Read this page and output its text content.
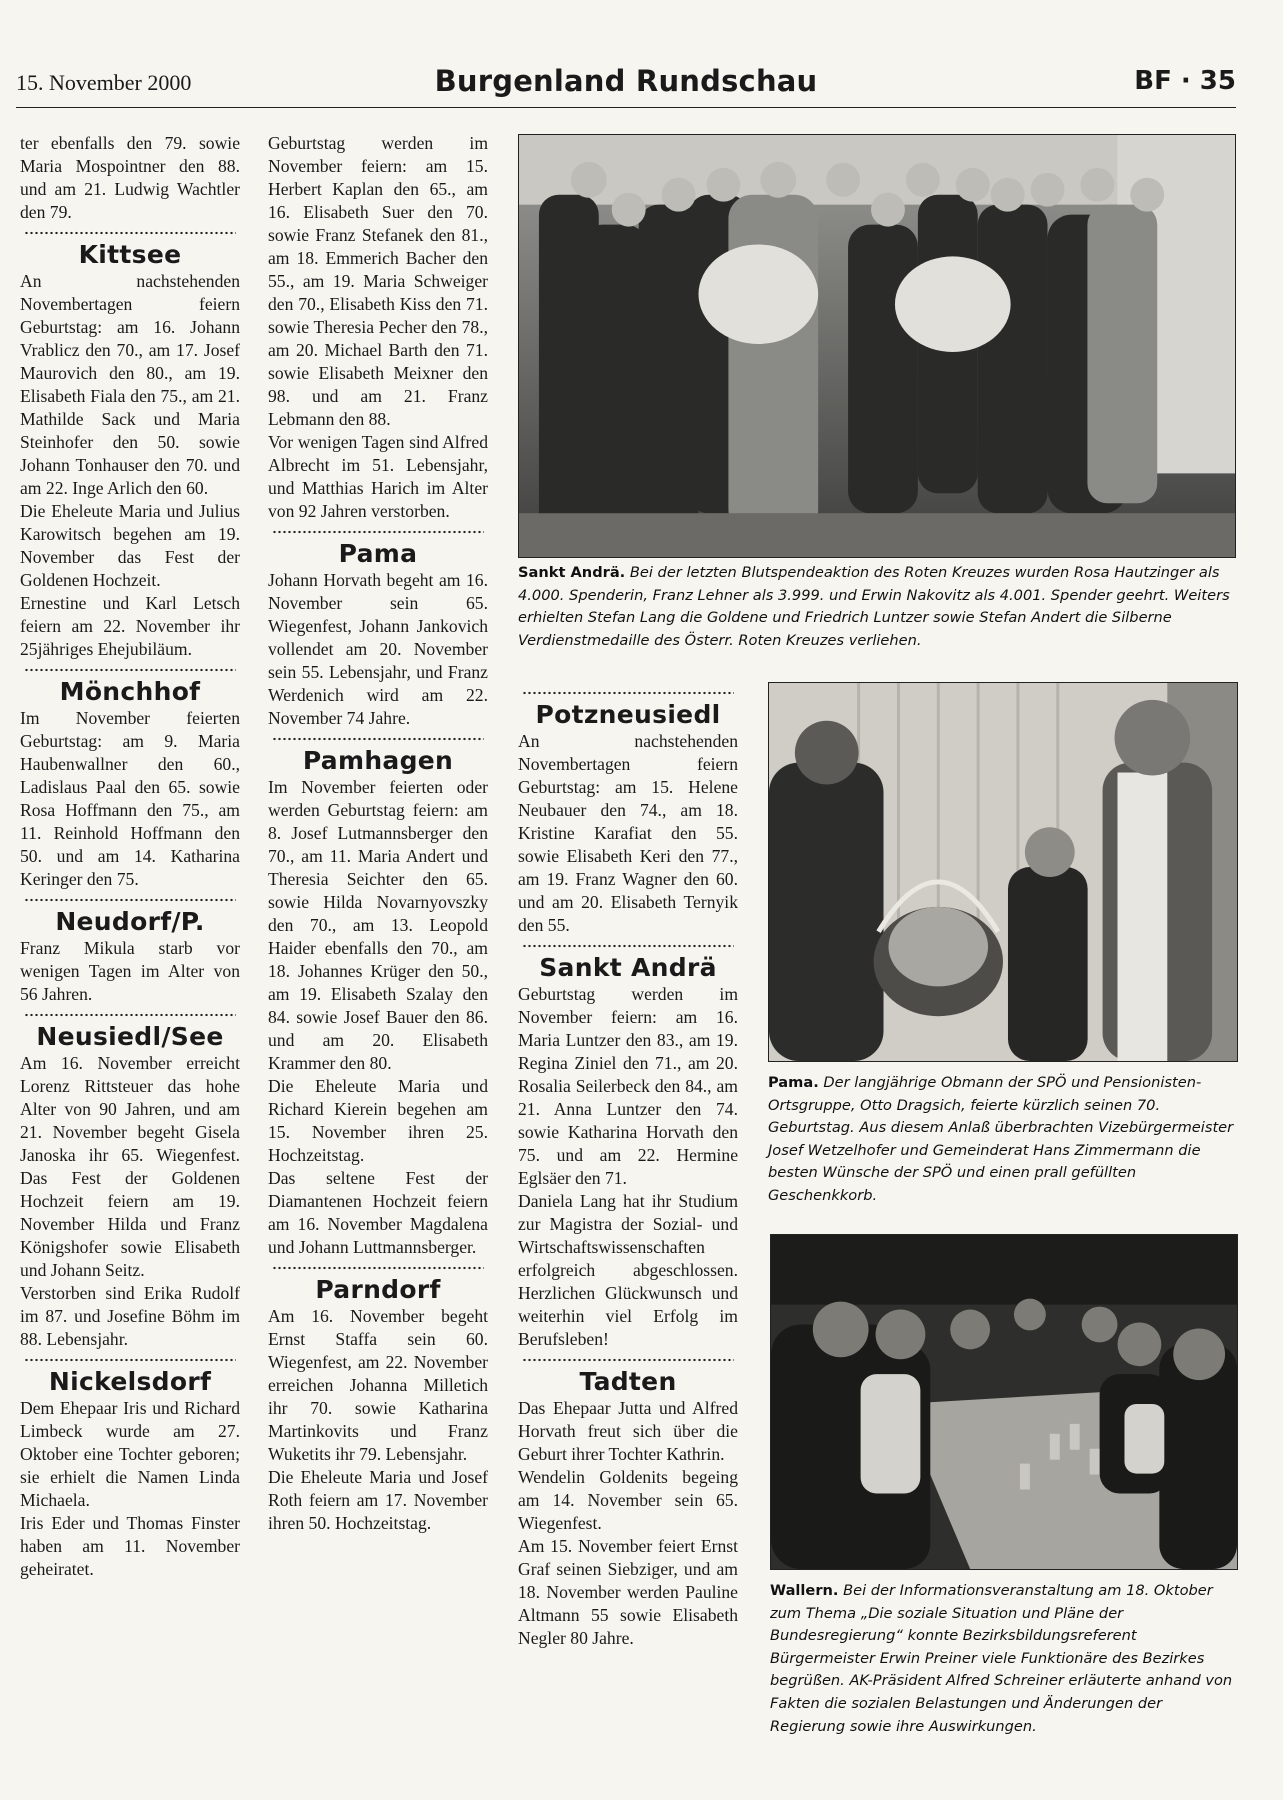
15. November 2000	Burgenland Rundschau	BF · 35

ter ebenfalls den 79. sowie Maria Mospointner den 88. und am 21. Ludwig Wachtler den 79.

Kittsee

An nachstehenden Novembertagen feiern Geburtstag: am 16. Johann Vrablicz den 70., am 17. Josef Maurovich den 80., am 19. Elisabeth Fiala den 75., am 21. Mathilde Sack und Maria Steinhofer den 50. sowie Johann Tonhauser den 70. und am 22. Inge Arlich den 60.

Die Eheleute Maria und Julius Karowitsch begehen am 19. November das Fest der Goldenen Hochzeit.

Ernestine und Karl Letsch feiern am 22. November ihr 25jähriges Ehejubiläum.

Mönchhof

Im November feierten Geburtstag: am 9. Maria Haubenwallner den 60., Ladislaus Paal den 65. sowie Rosa Hoffmann den 75., am 11. Reinhold Hoffmann den 50. und am 14. Katharina Keringer den 75.

Neudorf/P.

Franz Mikula starb vor wenigen Tagen im Alter von 56 Jahren.

Neusiedl/See

Am 16. November erreicht Lorenz Rittsteuer das hohe Alter von 90 Jahren, und am 21. November begeht Gisela Janoska ihr 65. Wiegenfest. Das Fest der Goldenen Hochzeit feiern am 19. November Hilda und Franz Königshofer sowie Elisabeth und Johann Seitz.

Verstorben sind Erika Rudolf im 87. und Josefine Böhm im 88. Lebensjahr.

Nickelsdorf

Dem Ehepaar Iris und Richard Limbeck wurde am 27. Oktober eine Tochter geboren; sie erhielt die Namen Linda Michaela.

Iris Eder und Thomas Finster haben am 11. November geheiratet.

Geburtstag werden im November feiern: am 15. Herbert Kaplan den 65., am 16. Elisabeth Suer den 70. sowie Franz Stefanek den 81., am 18. Emmerich Bacher den 55., am 19. Maria Schweiger den 70., Elisabeth Kiss den 71. sowie Theresia Pecher den 78., am 20. Michael Barth den 71. sowie Elisabeth Meixner den 98. und am 21. Franz Lebmann den 88.

Vor wenigen Tagen sind Alfred Albrecht im 51. Lebensjahr, und Matthias Harich im Alter von 92 Jahren verstorben.

Pama

Johann Horvath begeht am 16. November sein 65. Wiegenfest, Johann Jankovich vollendet am 20. November sein 55. Lebensjahr, und Franz Werdenich wird am 22. November 74 Jahre.

Pamhagen

Im November feierten oder werden Geburtstag feiern: am 8. Josef Lutmannsberger den 70., am 11. Maria Andert und Theresia Seichter den 65. sowie Hilda Novarnyovszky den 70., am 13. Leopold Haider ebenfalls den 70., am 18. Johannes Krüger den 50., am 19. Elisabeth Szalay den 84. sowie Josef Bauer den 86. und am 20. Elisabeth Krammer den 80.

Die Eheleute Maria und Richard Kierein begehen am 15. November ihren 25. Hochzeitstag.

Das seltene Fest der Diamantenen Hochzeit feiern am 16. November Magdalena und Johann Luttmannsberger.

Parndorf

Am 16. November begeht Ernst Staffa sein 60. Wiegenfest, am 22. November erreichen Johanna Milletich ihr 70. sowie Katharina Martinkovits und Franz Wuketits ihr 79. Lebensjahr.

Die Eheleute Maria und Josef Roth feiern am 17. November ihren 50. Hochzeitstag.

Sankt Andrä. Bei der letzten Blutspendeaktion des Roten Kreuzes wurden Rosa Hautzinger als 4.000. Spenderin, Franz Lehner als 3.999. und Erwin Nakovitz als 4.001. Spender geehrt. Weiters erhielten Stefan Lang die Goldene und Friedrich Luntzer sowie Stefan Andert die Silberne Verdienstmedaille des Österr. Roten Kreuzes verliehen.
Potzneusiedl

An nachstehenden Novembertagen feiern Geburtstag: am 15. Helene Neubauer den 74., am 18. Kristine Karafiat den 55. sowie Elisabeth Keri den 77., am 19. Franz Wagner den 60. und am 20. Elisabeth Ternyik den 55.

Sankt Andrä

Geburtstag werden im November feiern: am 16. Maria Luntzer den 83., am 19. Regina Ziniel den 71., am 20. Rosalia Seilerbeck den 84., am 21. Anna Luntzer den 74. sowie Katharina Horvath den 75. und am 22. Hermine Eglsäer den 71.

Daniela Lang hat ihr Studium zur Magistra der Sozial- und Wirtschaftswissenschaften erfolgreich abgeschlossen. Herzlichen Glückwunsch und weiterhin viel Erfolg im Berufsleben!

Tadten

Das Ehepaar Jutta und Alfred Horvath freut sich über die Geburt ihrer Tochter Kathrin.

Wendelin Goldenits begeing am 14. November sein 65. Wiegenfest.

Am 15. November feiert Ernst Graf seinen Siebziger, und am 18. November werden Pauline Altmann 55 sowie Elisabeth Negler 80 Jahre.

Pama. Der langjährige Obmann der SPÖ und Pensionisten-Ortsgruppe, Otto Dragsich, feierte kürzlich seinen 70. Geburtstag. Aus diesem Anlaß überbrachten Vizebürgermeister Josef Wetzelhofer und Gemeinderat Hans Zimmermann die besten Wünsche der SPÖ und einen prall gefüllten Geschenkkorb.
Wallern. Bei der Informationsveranstaltung am 18. Oktober zum Thema „Die soziale Situation und Pläne der Bundesregierung“ konnte Bezirksbildungsreferent Bürgermeister Erwin Preiner viele Funktionäre des Bezirkes begrüßen. AK-Präsident Alfred Schreiner erläuterte anhand von Fakten die sozialen Belastungen und Änderungen der Regierung sowie ihre Auswirkungen.
